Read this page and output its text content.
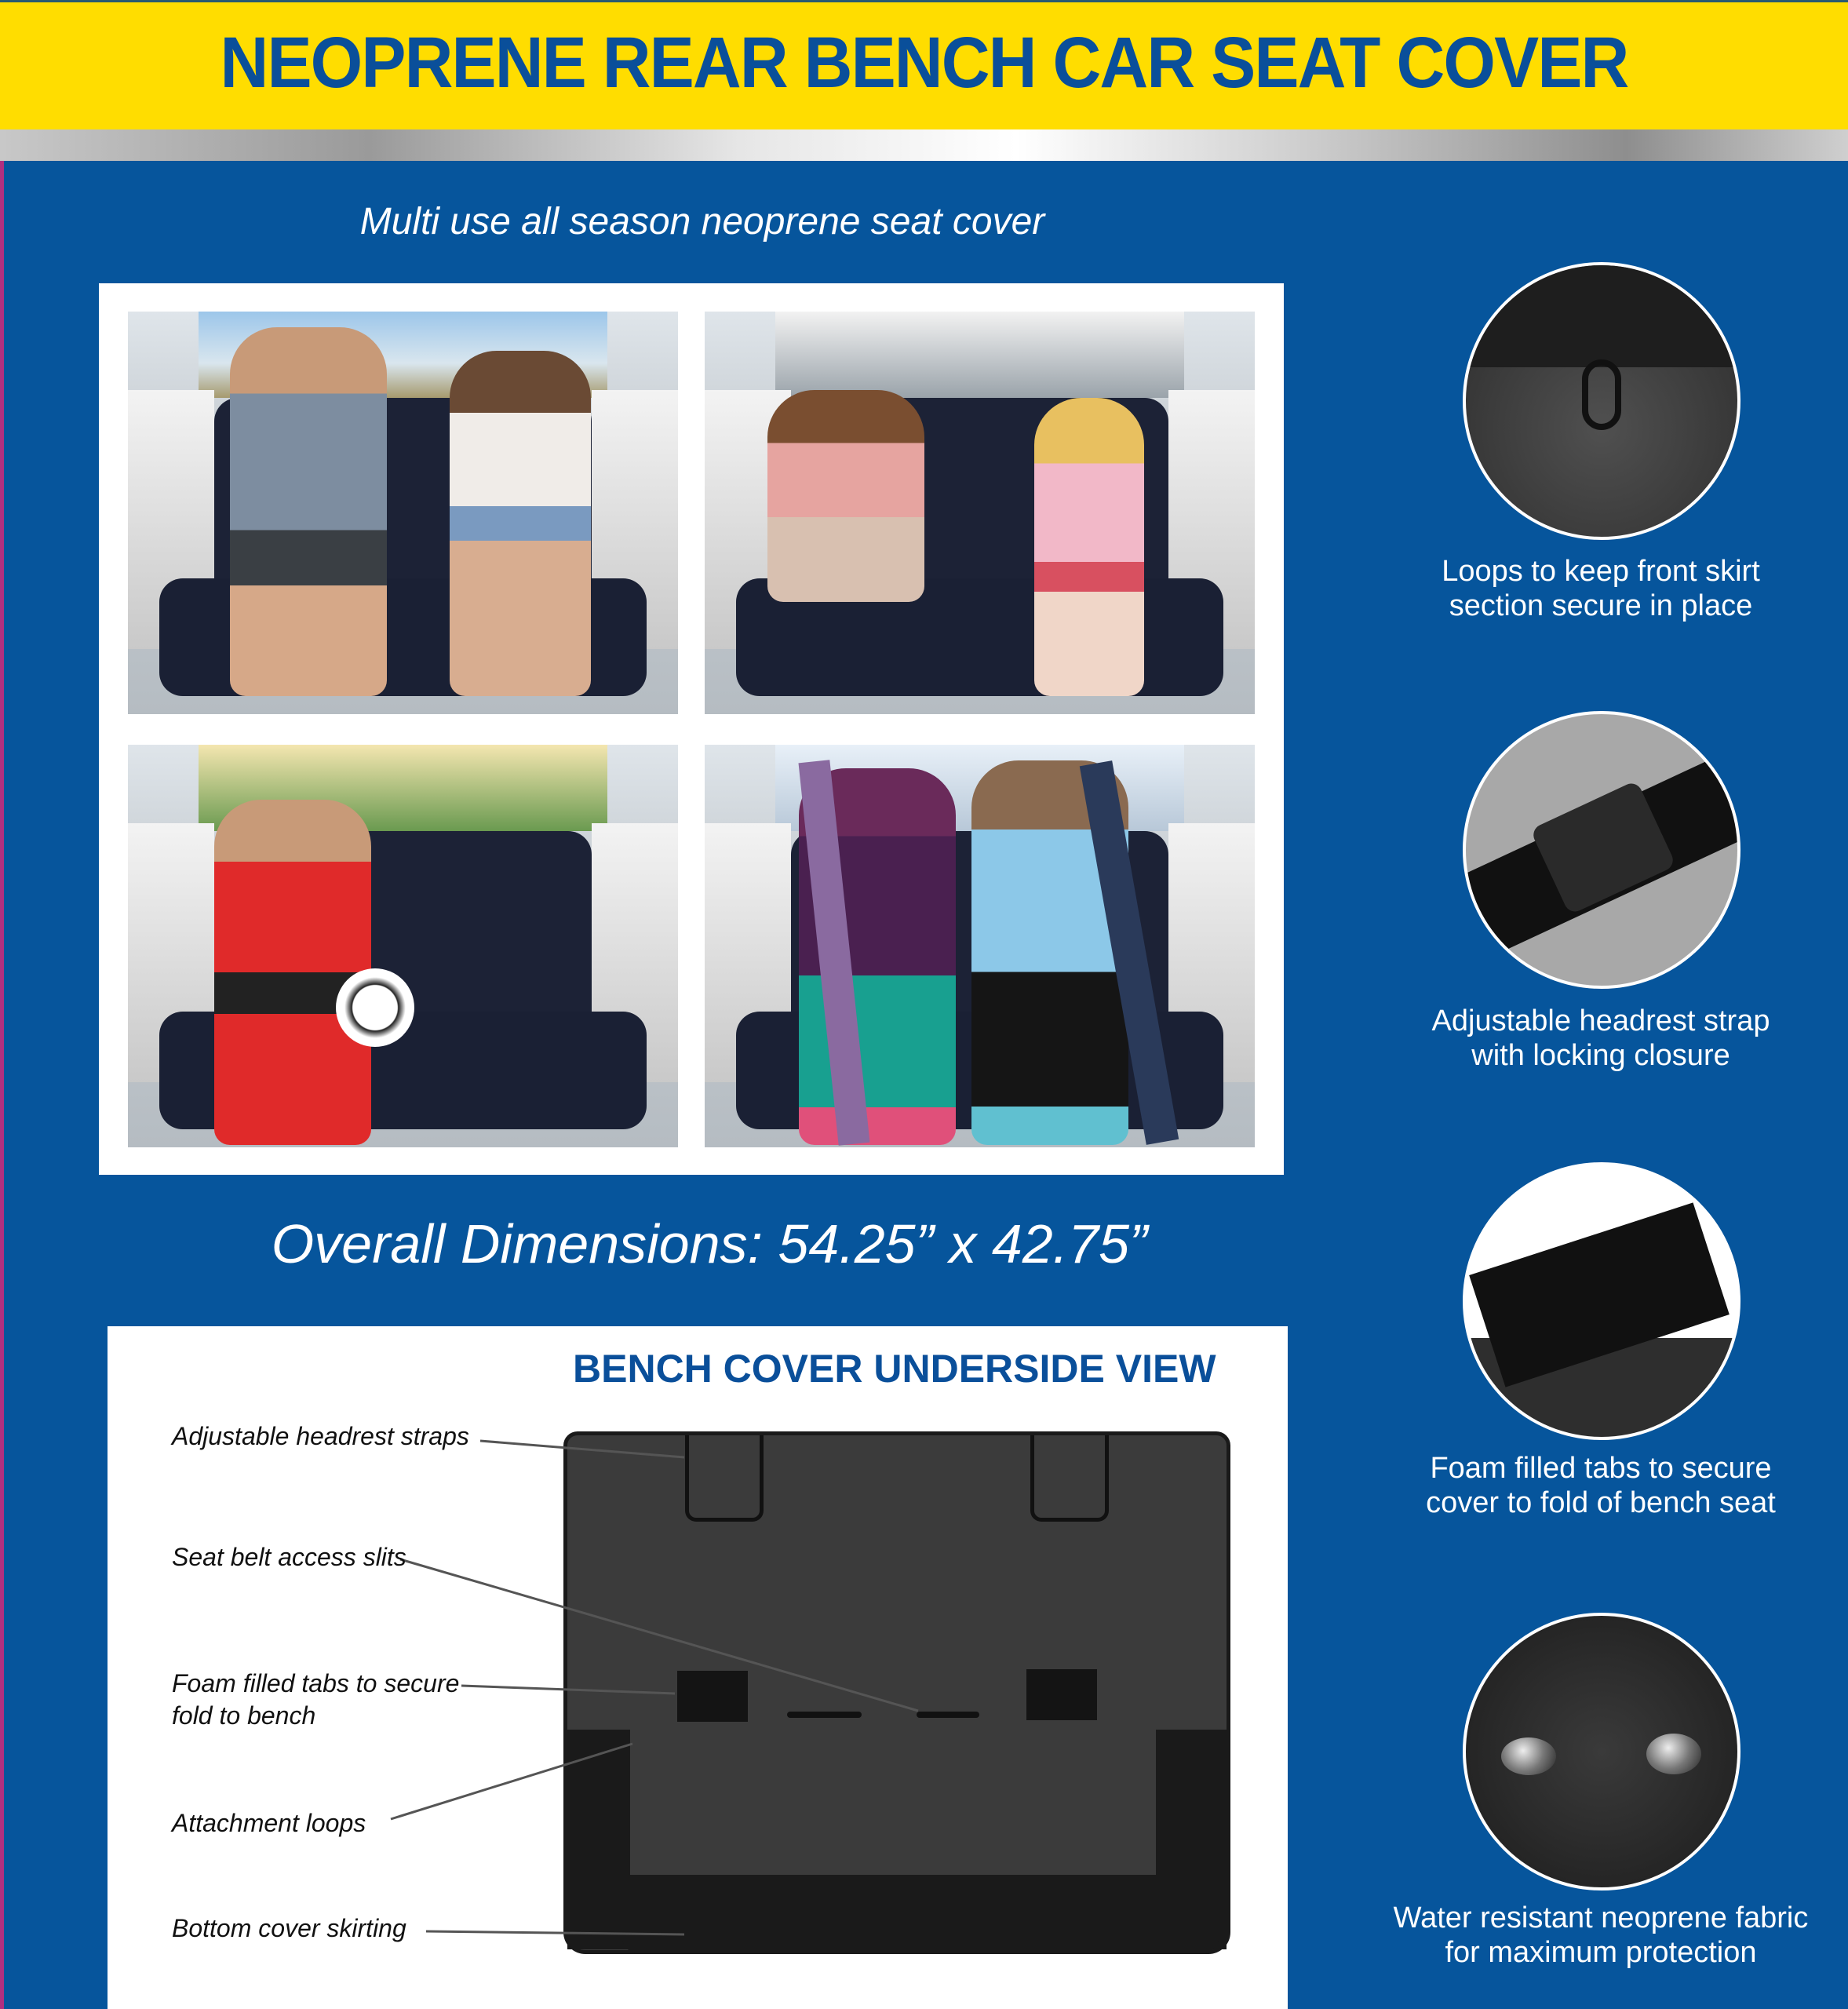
NEOPRENE REAR BENCH CAR SEAT COVER
Multi use all season neoprene seat cover
Overall Dimensions: 54.25” x 42.75”
BENCH COVER UNDERSIDE VIEW
Adjustable headrest straps
Seat belt access slits
Foam filled tabs to secure
fold to bench
Attachment loops
Bottom cover skirting
Loops to keep front skirt
section secure in place
Adjustable headrest strap
with locking closure
Foam filled tabs to secure
cover to fold of bench seat
Water resistant neoprene fabric
for maximum protection
